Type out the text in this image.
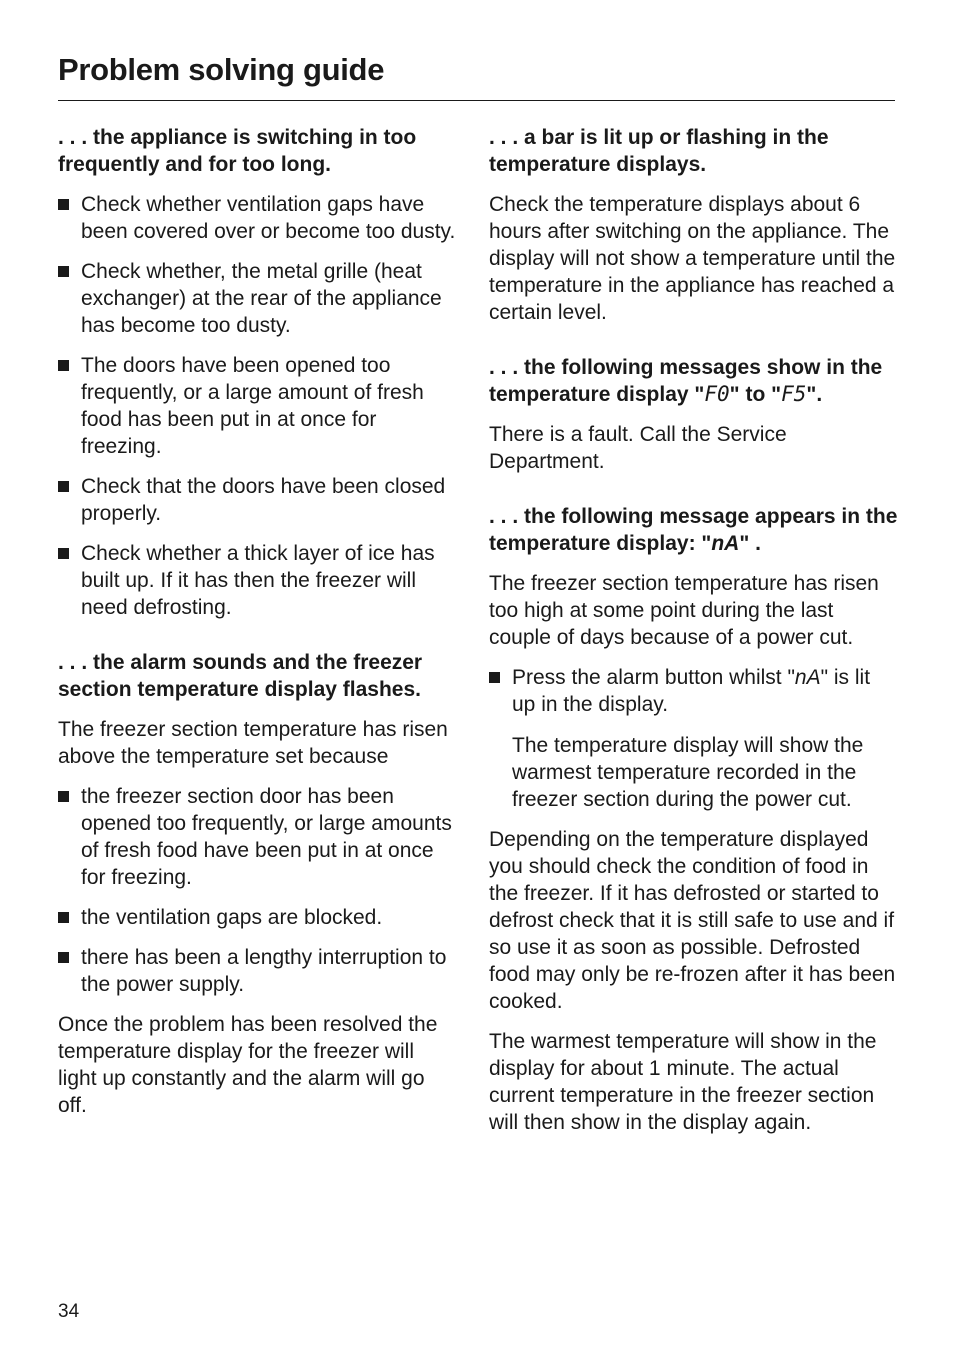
Problem solving guide
. . . the appliance is switching in too frequently and for too long.
Check whether ventilation gaps have been covered over or become too dusty.
Check whether, the metal grille (heat exchanger) at the rear of the appliance has become too dusty.
The doors have been opened too frequently, or a large amount of fresh food has been put in at once for freezing.
Check that the doors have been closed properly.
Check whether a thick layer of ice has built up. If it has then the freezer will need defrosting.
. . . the alarm sounds and the freezer section temperature display flashes.

The freezer section temperature has risen above the temperature set because

the freezer section door has been opened too frequently, or large amounts of fresh food have been put in at once for freezing.
the ventilation gaps are blocked.
there has been a lengthy interruption to the power supply.

Once the problem has been resolved the temperature display for the freezer will light up constantly and the alarm will go off.

. . . a bar is lit up or flashing in the temperature displays.

Check the temperature displays about 6 hours after switching on the appliance. The display will not show a temperature until the temperature in the appliance has reached a certain level.

. . . the following messages show in the temperature display "F0" to "F5".

There is a fault. Call the Service Department.

. . . the following message appears in the temperature display: "nA" .

The freezer section temperature has risen too high at some point during the last couple of days because of a power cut.

Press the alarm button whilst "nA" is lit up in the display.

The temperature display will show the warmest temperature recorded in the freezer section during the power cut.

Depending on the temperature displayed you should check the condition of food in the freezer. If it has defrosted or started to defrost check that it is still safe to use and if so use it as soon as possible. Defrosted food may only be re-frozen after it has been cooked.

The warmest temperature will show in the display for about 1 minute. The actual current temperature in the freezer section will then show in the display again.

34
